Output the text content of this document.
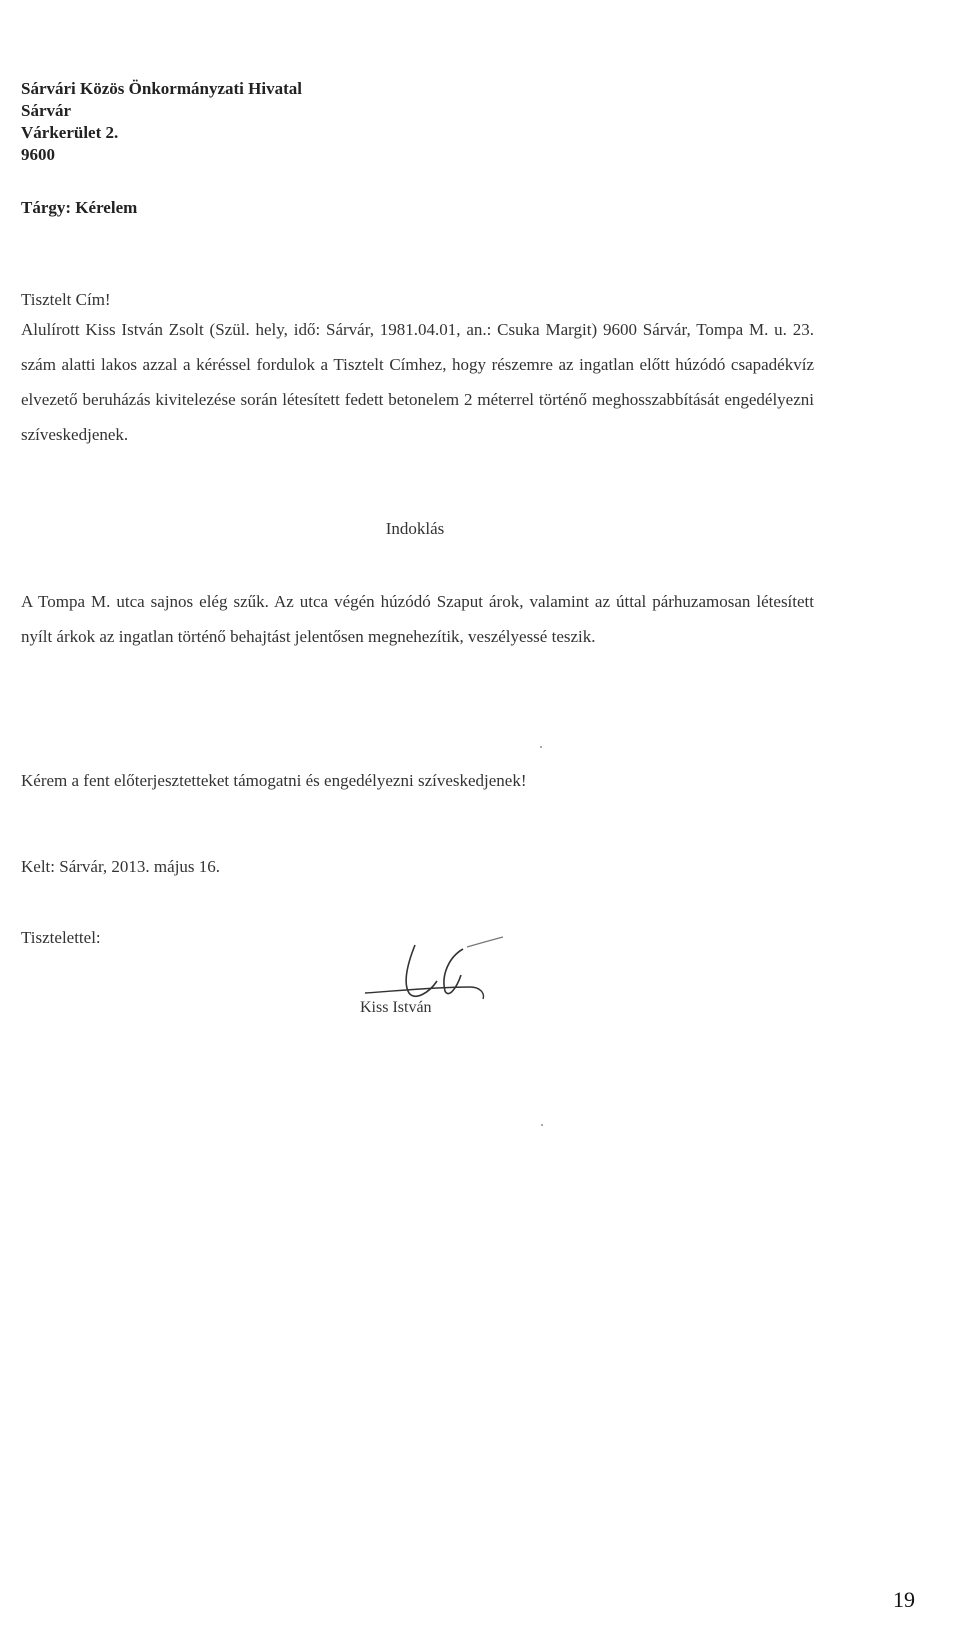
Sárvári Közös Önkormányzati Hivatal
Sárvár
Várkerület 2.
9600
Tárgy: Kérelem
Tisztelt Cím!
Alulírott Kiss István Zsolt (Szül. hely, idő: Sárvár, 1981.04.01, an.: Csuka Margit) 9600 Sárvár, Tompa M. u. 23. szám alatti lakos azzal a kéréssel fordulok a Tisztelt Címhez, hogy részemre az ingatlan előtt húzódó csapadékvíz elvezető beruházás kivitelezése során létesített fedett betonelem 2 méterrel történő meghosszabbítását engedélyezni szíveskedjenek.
Indoklás
A Tompa M. utca sajnos elég szűk. Az utca végén húzódó Szaput árok, valamint az úttal párhuzamosan létesített nyílt árkok az ingatlan történő behajtást jelentősen megnehezítik, veszélyessé teszik.
Kérem a fent előterjesztetteket támogatni és engedélyezni szíveskedjenek!
Kelt: Sárvár, 2013. május 16.
Tisztelettel:
Kiss István
19
